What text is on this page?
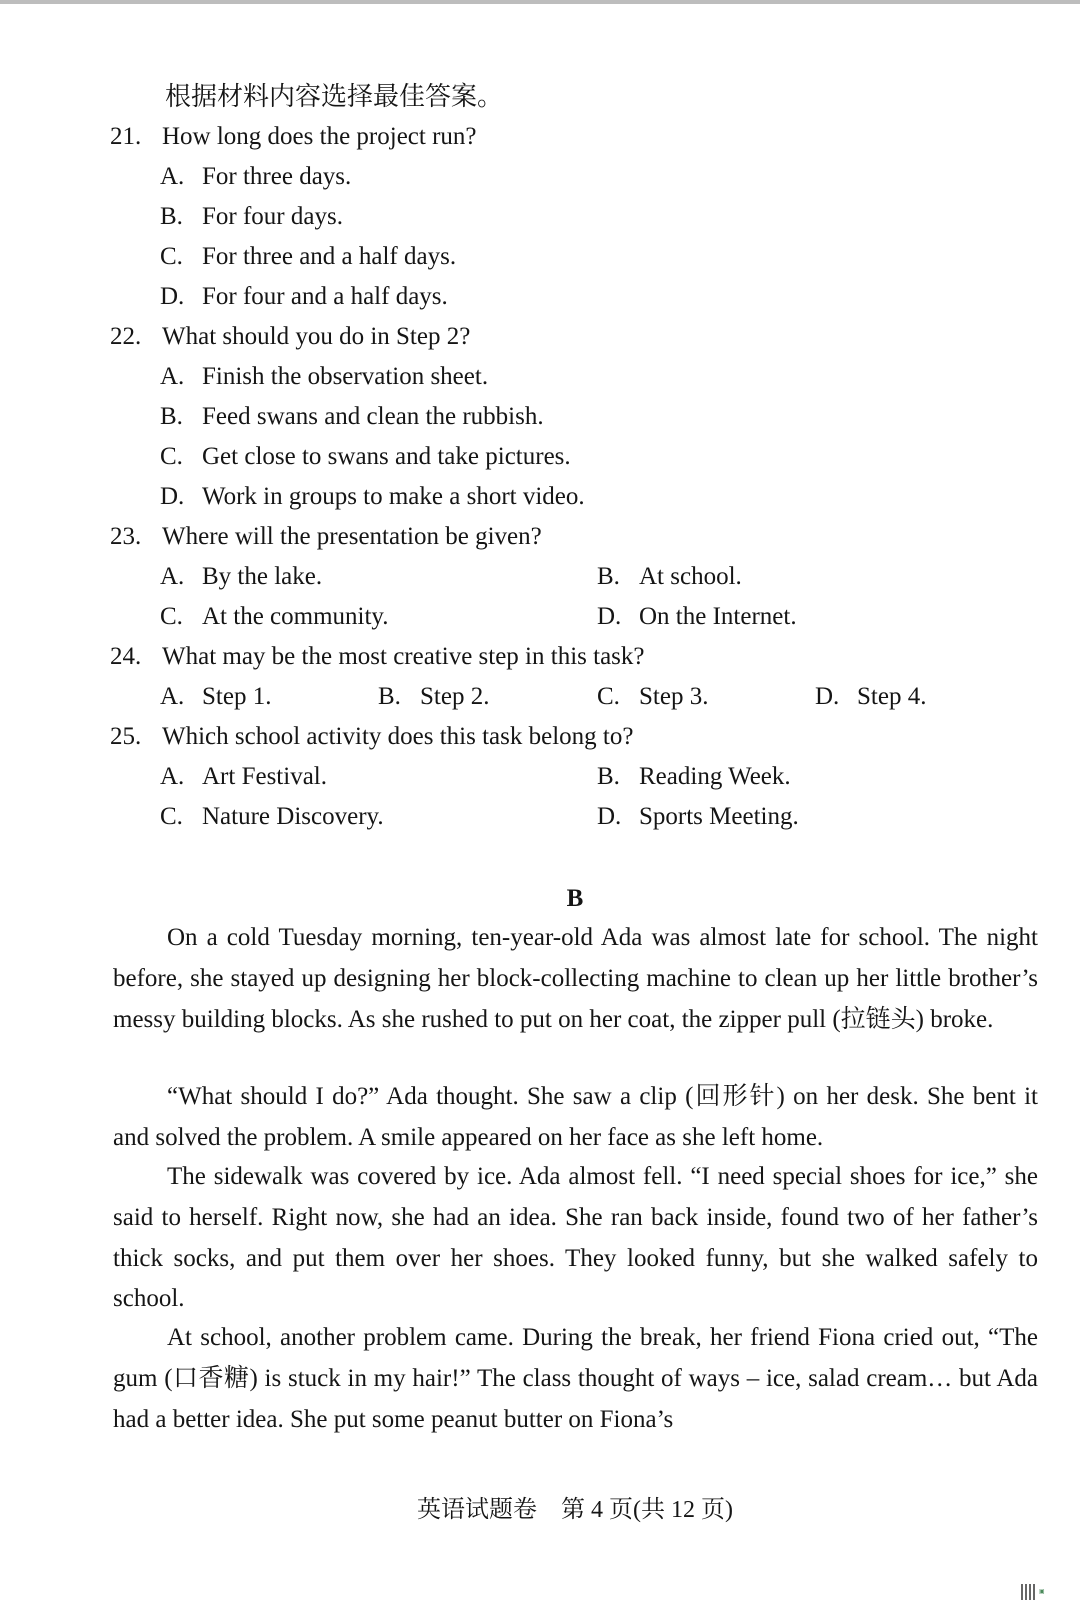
根据材料内容选择最佳答案。
21. How long does the project run?
A. For three days.
B. For four days.
C. For three and a half days.
D. For four and a half days.
22. What should you do in Step 2?
A. Finish the observation sheet.
B. Feed swans and clean the rubbish.
C. Get close to swans and take pictures.
D. Work in groups to make a short video.
23. Where will the presentation be given?
A. By the lake.	B. At school.
C. At the community.	D. On the Internet.
24. What may be the most creative step in this task?
A. Step 1.	B. Step 2.	C. Step 3.	D. Step 4.
25. Which school activity does this task belong to?
A. Art Festival.	B. Reading Week.
C. Nature Discovery.	D. Sports Meeting.
B
On a cold Tuesday morning, ten-year-old Ada was almost late for school. The night before, she stayed up designing her block-collecting machine to clean up her little brother’s messy building blocks. As she rushed to put on her coat, the zipper pull (拉链头) broke.
“What should I do?” Ada thought. She saw a clip (回形针) on her desk. She bent it and solved the problem. A smile appeared on her face as she left home.
The sidewalk was covered by ice. Ada almost fell. “I need special shoes for ice,” she said to herself. Right now, she had an idea. She ran back inside, found two of her father’s thick socks, and put them over her shoes. They looked funny, but she walked safely to school.
At school, another problem came. During the break, her friend Fiona cried out, “The gum (口香糖) is stuck in my hair!” The class thought of ways – ice, salad cream… but Ada had a better idea. She put some peanut butter on Fiona’s
英语试题卷　第 4 页(共 12 页)
▣
